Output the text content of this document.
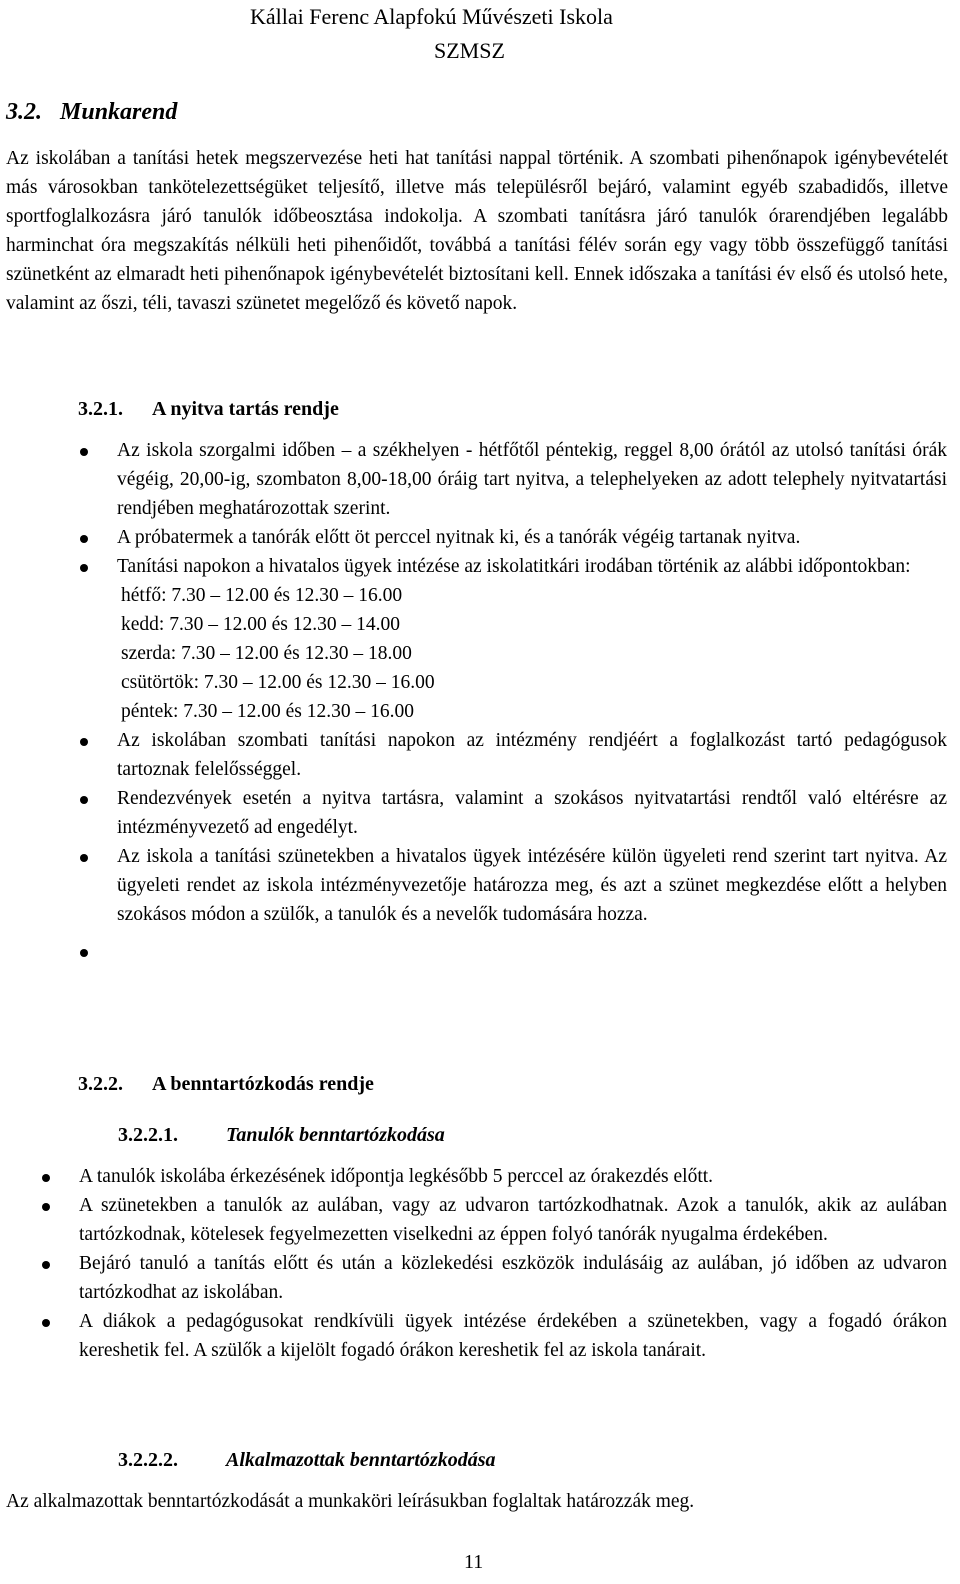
Kállai Ferenc Alapfokú Művészeti Iskola
SZMSZ
3.2. Munkarend

Az iskolában a tanítási hetek megszervezése heti hat tanítási nappal történik. A szombati pihenőnapok igénybevételét más városokban tankötelezettségüket teljesítő, illetve más településről bejáró, valamint egyéb szabadidős, illetve sportfoglalkozásra járó tanulók időbeosztása indokolja. A szombati tanításra járó tanulók órarendjében legalább harminchat óra megszakítás nélküli heti pihenőidőt, továbbá a tanítási félév során egy vagy több összefüggő tanítási szünetként az elmaradt heti pihenőnapok igénybevételét biztosítani kell. Ennek időszaka a tanítási év első és utolsó hete, valamint az őszi, téli, tavaszi szünetet megelőző és követő napok.

3.2.1. A nyitva tartás rendje
Az iskola szorgalmi időben – a székhelyen - hétfőtől péntekig, reggel 8,00 órától az utolsó tanítási órák végéig, 20,00-ig, szombaton 8,00-18,00 óráig tart nyitva, a telephelyeken az adott telephely nyitvatartási rendjében meghatározottak szerint.
A próbatermek a tanórák előtt öt perccel nyitnak ki, és a tanórák végéig tartanak nyitva.
Tanítási napokon a hivatalos ügyek intézése az iskolatitkári irodában történik az alábbi időpontokban:
hétfő: 7.30 – 12.00 és 12.30 – 16.00
kedd: 7.30 – 12.00 és 12.30 – 14.00
szerda: 7.30 – 12.00 és 12.30 – 18.00
csütörtök: 7.30 – 12.00 és 12.30 – 16.00
péntek: 7.30 – 12.00 és 12.30 – 16.00
Az iskolában szombati tanítási napokon az intézmény rendjéért a foglalkozást tartó pedagógusok tartoznak felelősséggel.
Rendezvények esetén a nyitva tartásra, valamint a szokásos nyitvatartási rendtől való eltérésre az intézményvezető ad engedélyt.
Az iskola a tanítási szünetekben a hivatalos ügyek intézésére külön ügyeleti rend szerint tart nyitva. Az ügyeleti rendet az iskola intézményvezetője határozza meg, és azt a szünet megkezdése előtt a helyben szokásos módon a szülők, a tanulók és a nevelők tudomására hozza.
3.2.2. A benntartózkodás rendje
3.2.2.1. Tanulók benntartózkodása
A tanulók iskolába érkezésének időpontja legkésőbb 5 perccel az órakezdés előtt.
A szünetekben a tanulók az aulában, vagy az udvaron tartózkodhatnak. Azok a tanulók, akik az aulában tartózkodnak, kötelesek fegyelmezetten viselkedni az éppen folyó tanórák nyugalma érdekében.
Bejáró tanuló a tanítás előtt és után a közlekedési eszközök indulásáig az aulában, jó időben az udvaron tartózkodhat az iskolában.
A diákok a pedagógusokat rendkívüli ügyek intézése érdekében a szünetekben, vagy a fogadó órákon kereshetik fel. A szülők a kijelölt fogadó órákon kereshetik fel az iskola tanárait.
3.2.2.2. Alkalmazottak benntartózkodása

Az alkalmazottak benntartózkodását a munkaköri leírásukban foglaltak határozzák meg.

11
